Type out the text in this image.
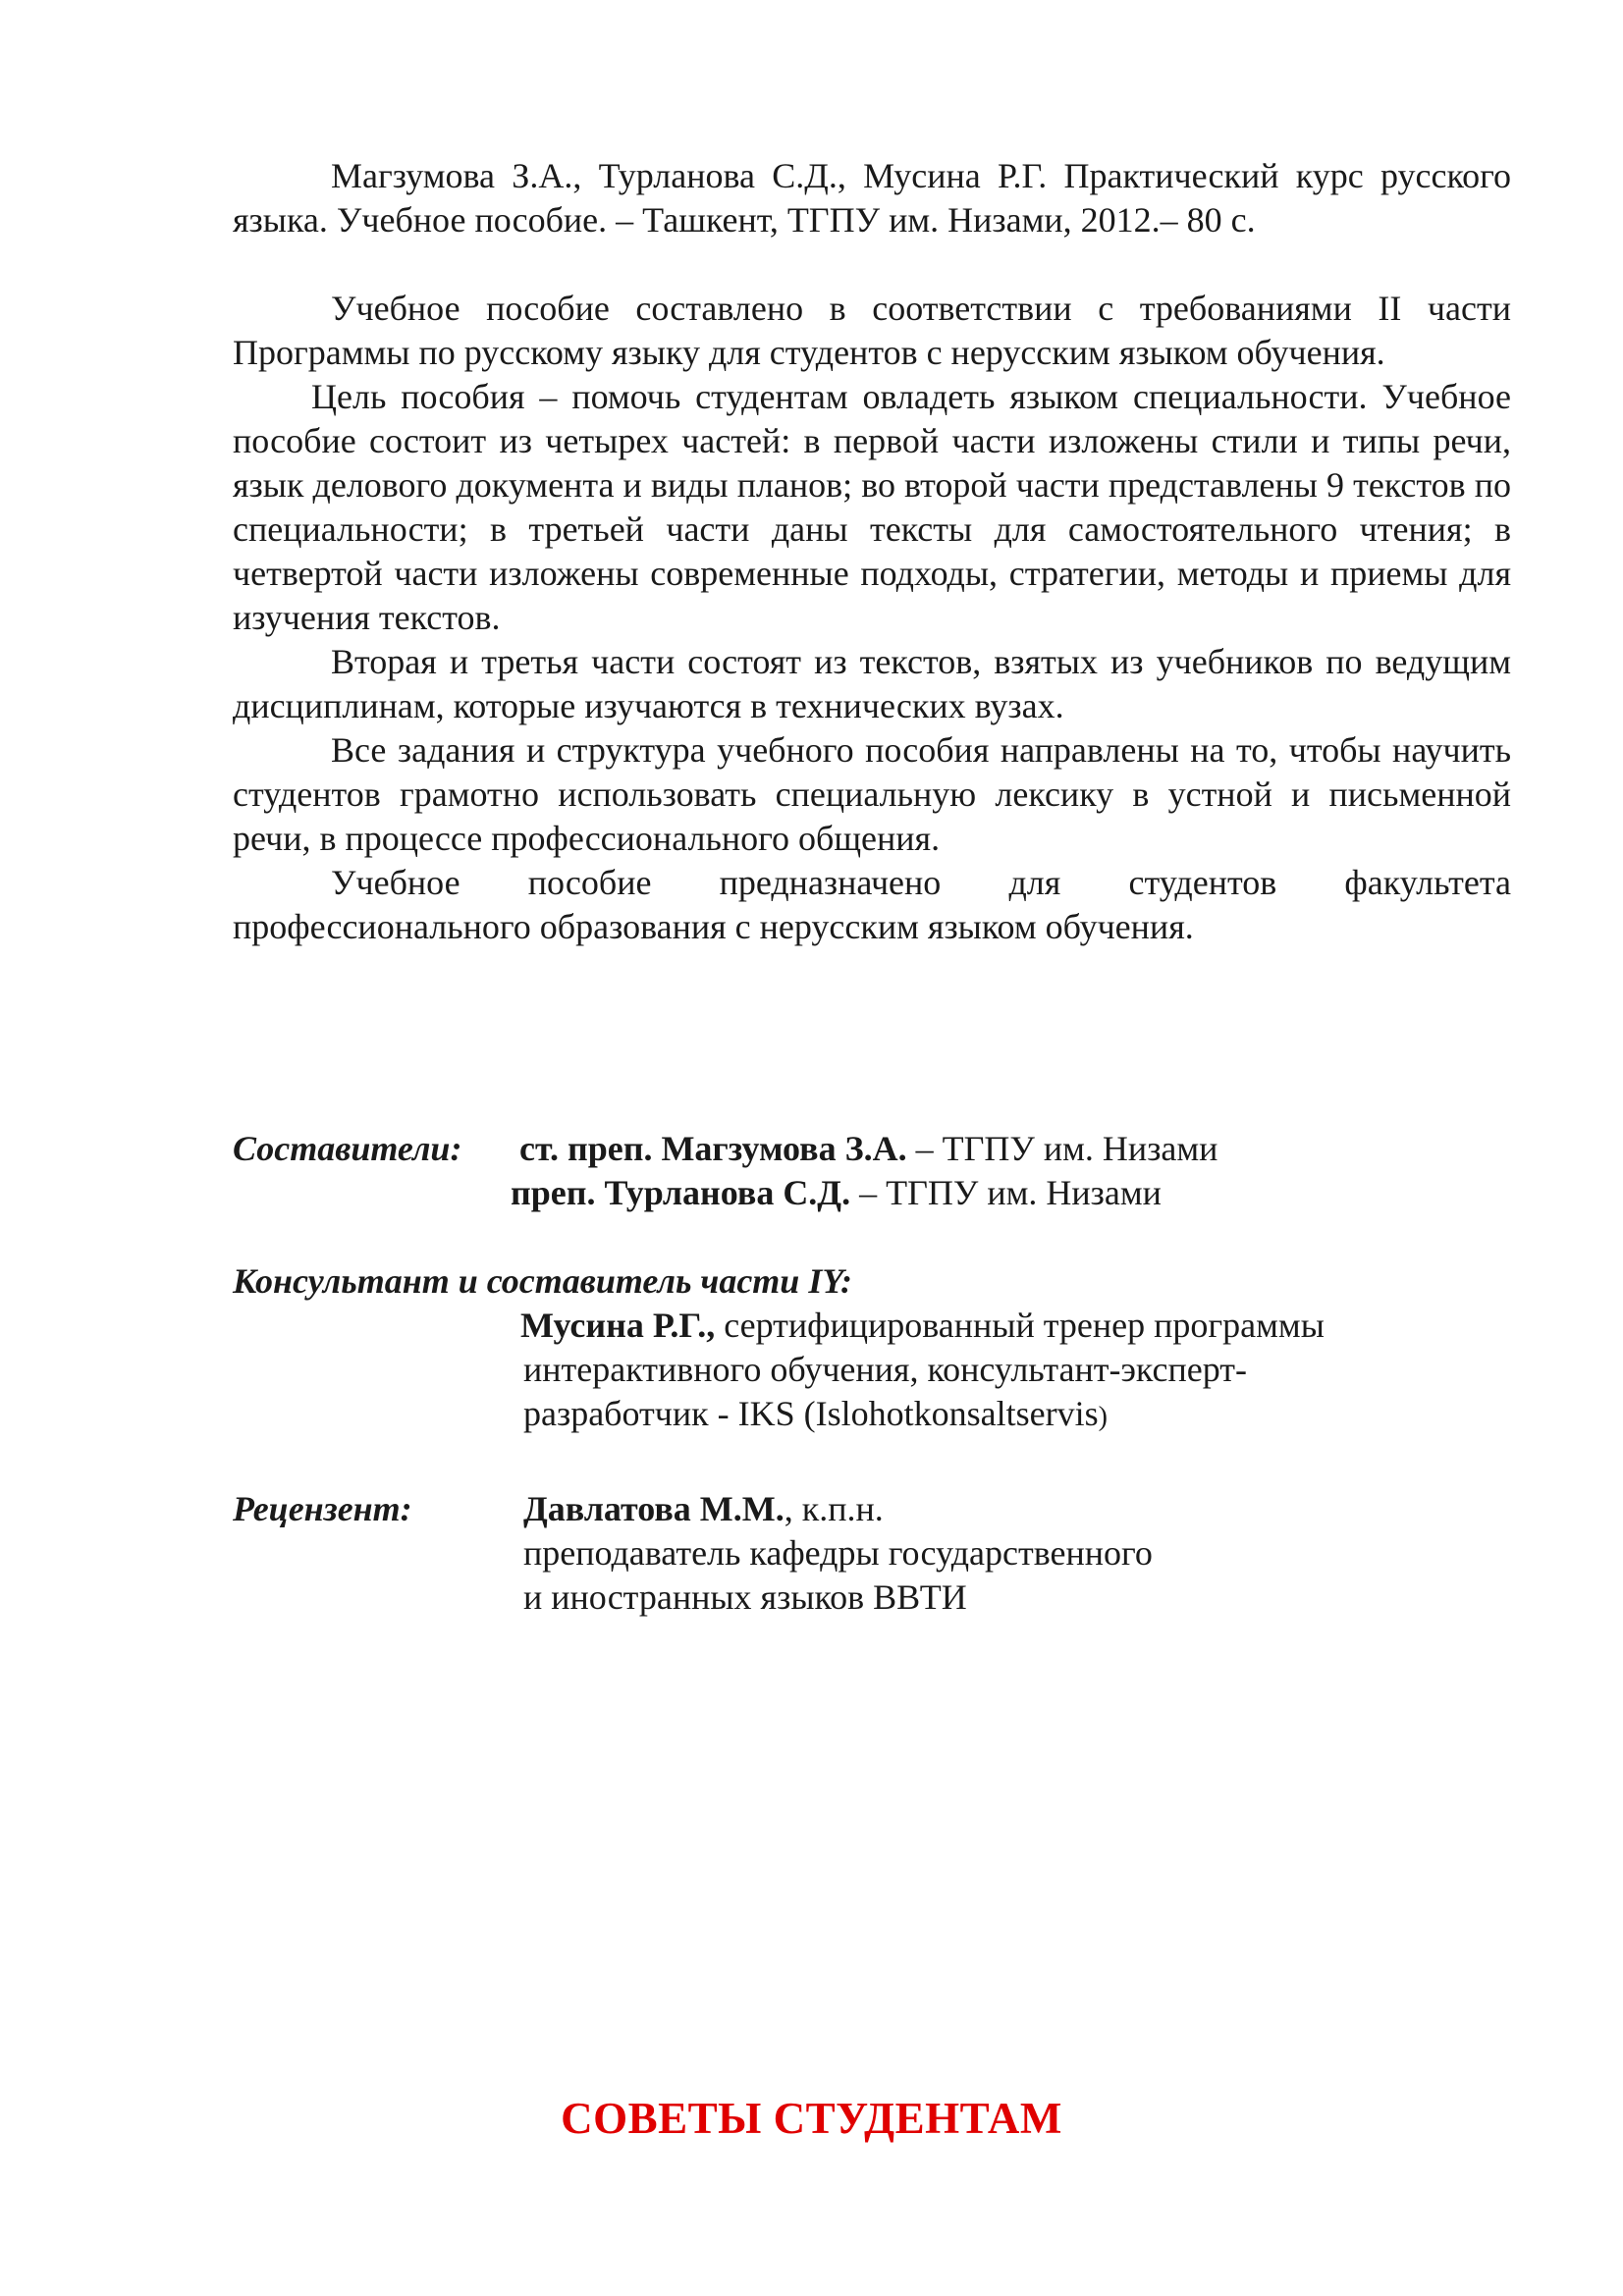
Магзумова З.А., Турланова С.Д., Мусина Р.Г. Практический курс русского языка. Учебное пособие. – Ташкент, ТГПУ им. Низами, 2012.– 80 с.

Учебное пособие составлено в соответствии с требованиями II части Программы по русскому языку для студентов с нерусским языком обучения.

Цель пособия – помочь студентам овладеть языком специальности. Учебное пособие состоит из четырех частей: в первой части изложены стили и типы речи, язык делового документа и виды планов; во второй части представлены 9 текстов по специальности; в третьей части даны тексты для самостоятельного чтения; в четвертой части изложены современные подходы, стратегии, методы и приемы для изучения текстов.

Вторая и третья части состоят из текстов, взятых из учебников по ведущим дисциплинам, которые изучаются в технических вузах.

Все задания и структура учебного пособия направлены на то, чтобы научить студентов грамотно использовать специальную лексику в устной и письменной речи, в процессе профессионального общения.

Учебное пособие предназначено для студентов факультета профессионального образования с нерусским языком обучения.

Составители: ст. преп. Магзумова З.А. – ТГПУ им. Низами
преп. Турланова С.Д. – ТГПУ им. Низами
Консультант и составитель части IY:
Мусина Р.Г., сертифицированный тренер программы
интерактивного обучения, консультант-эксперт-
разработчик - IKS (Islohotkonsaltservis)
Рецензент:	Давлатова М.М., к.п.н.
преподаватель кафедры государственного
и иностранных языков ВВТИ
СОВЕТЫ СТУДЕНТАМ
